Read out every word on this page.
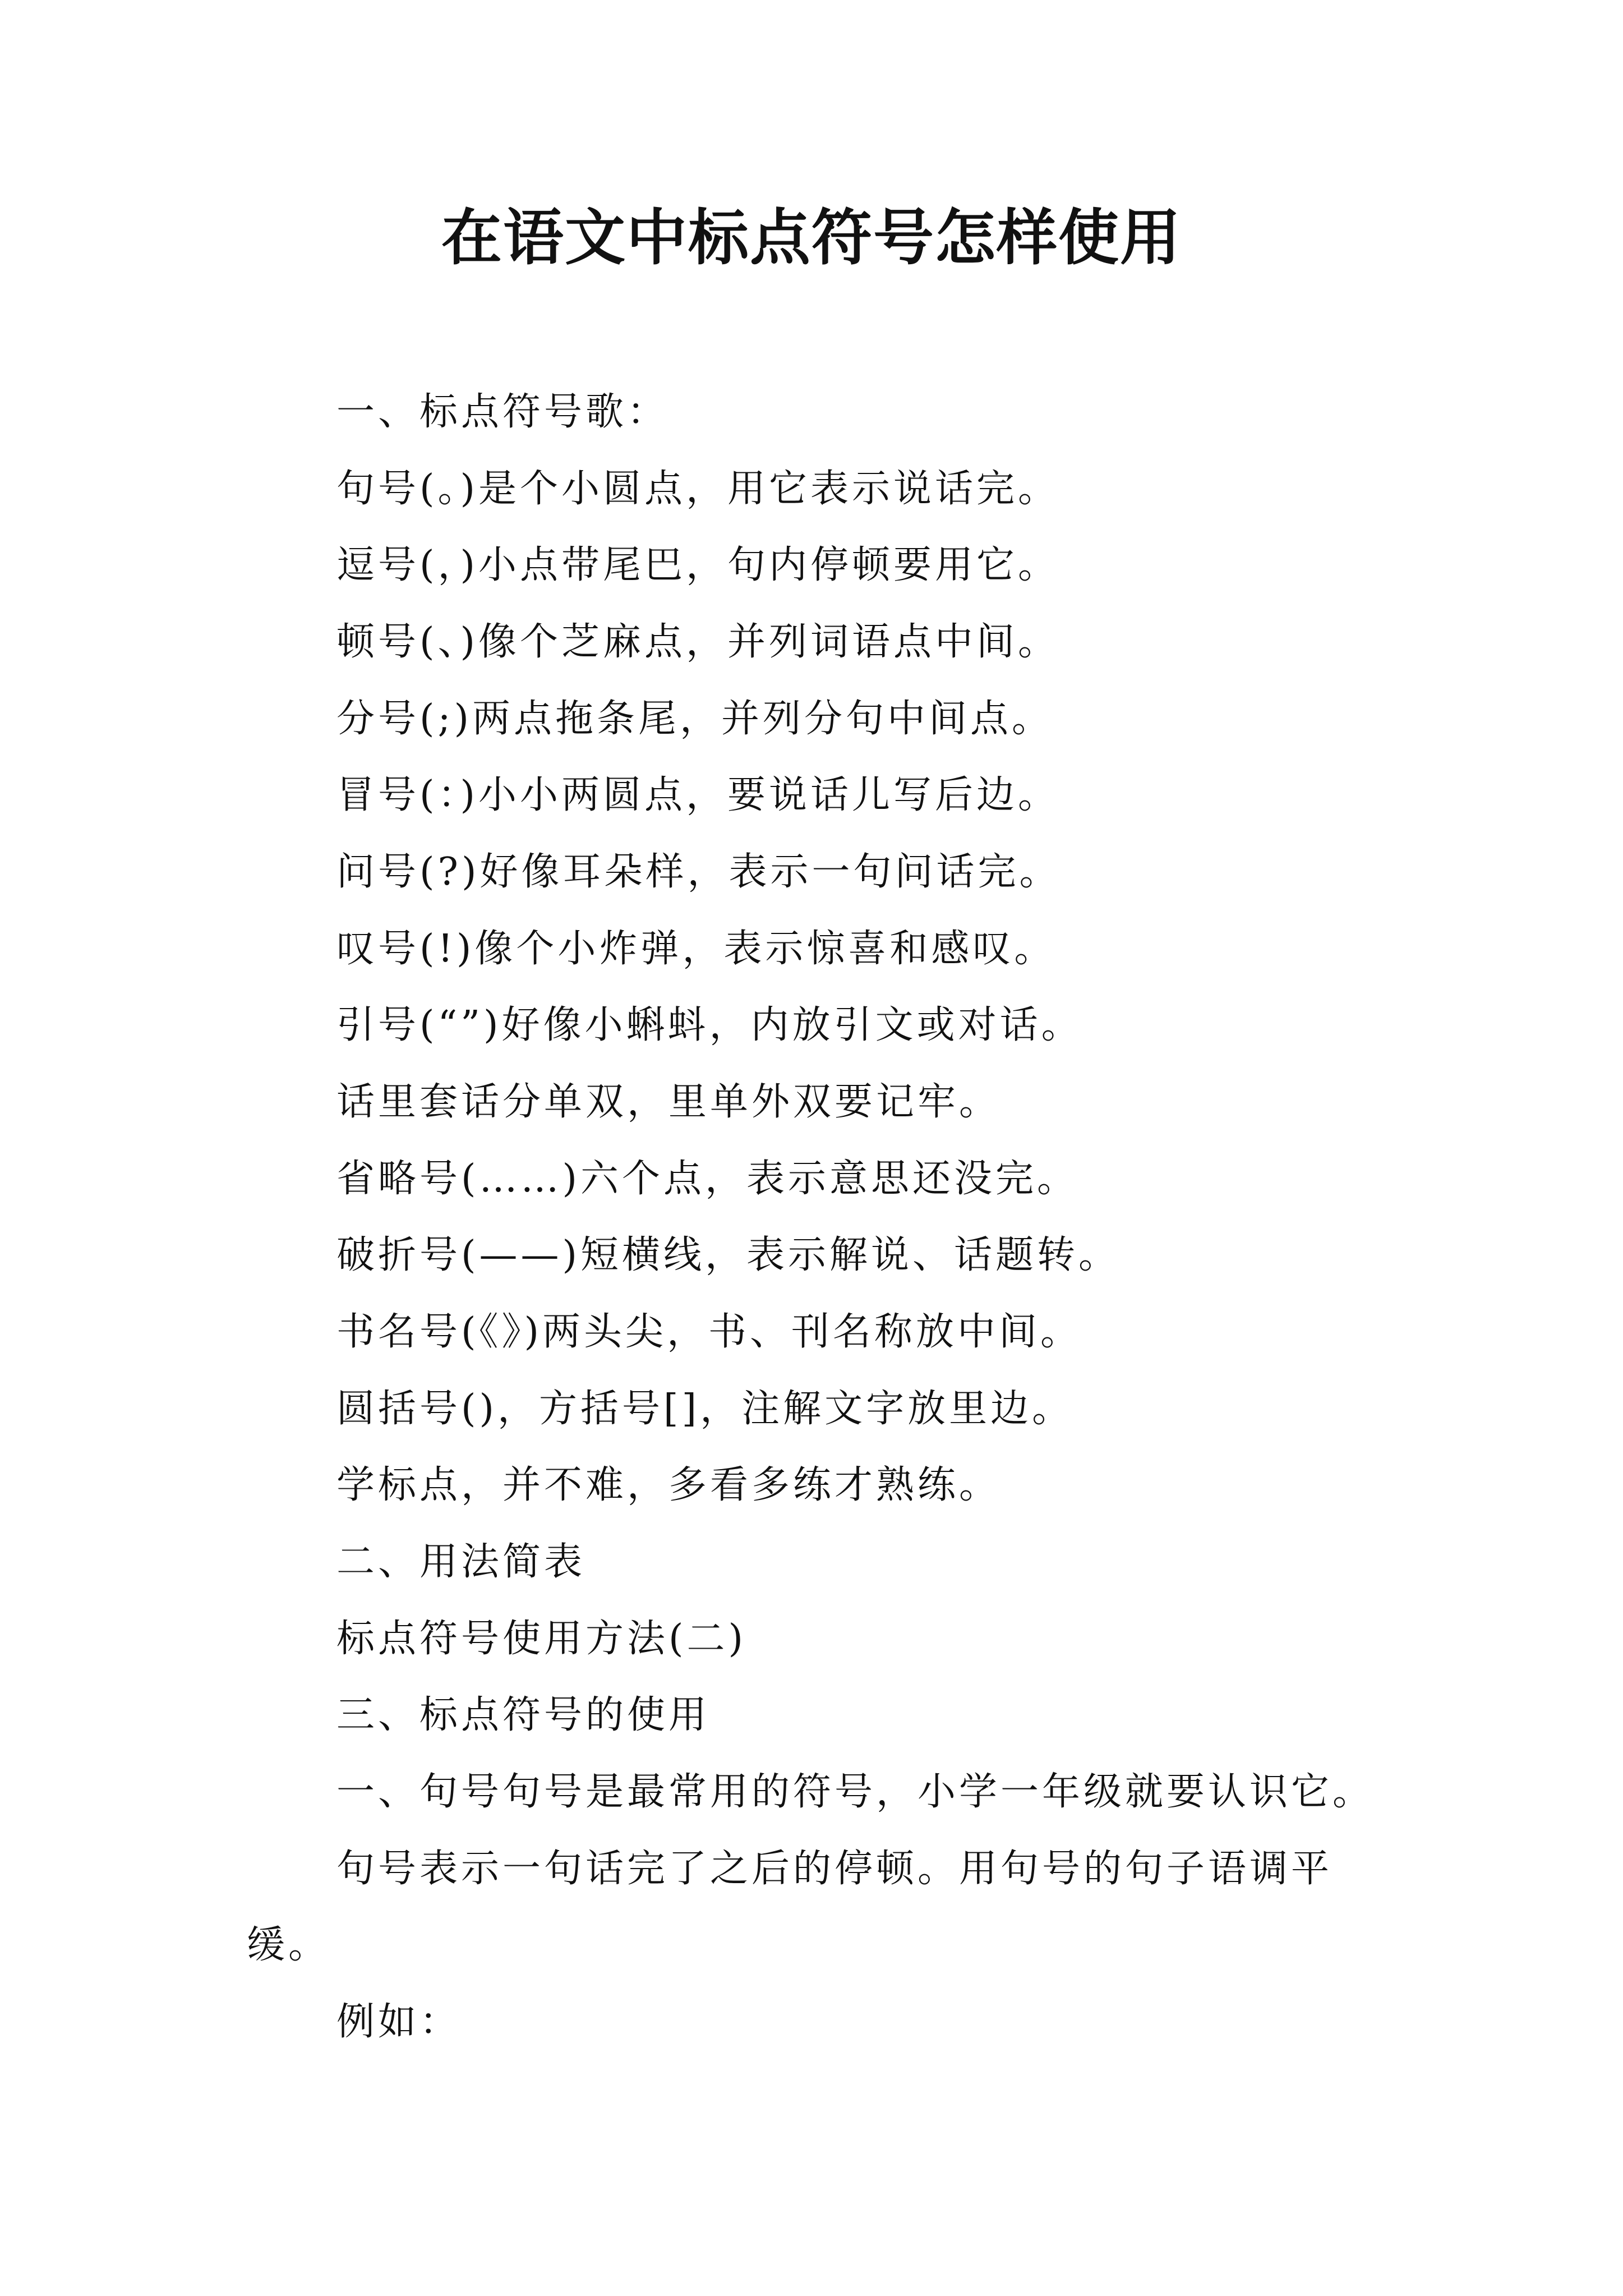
在语文中标点符号怎样使用
一、标点符号歌：
句号(。)是个小圆点，用它表示说话完。
逗号(，)小点带尾巴，句内停顿要用它。
顿号(、)像个芝麻点，并列词语点中间。
分号(;)两点拖条尾，并列分句中间点。
冒号(：)小小两圆点，要说话儿写后边。
问号(?)好像耳朵样，表示一句问话完。
叹号(!)像个小炸弹，表示惊喜和感叹。
引号(“”)好像小蝌蚪，内放引文或对话。
话里套话分单双，里单外双要记牢。
省略号(……)六个点，表示意思还没完。
破折号(——)短横线，表示解说、话题转。
书名号(《》)两头尖，书、刊名称放中间。
圆括号()，方括号[]，注解文字放里边。
学标点，并不难，多看多练才熟练。
二、用法简表
标点符号使用方法(二)
三、标点符号的使用
一、句号句号是最常用的符号，小学一年级就要认识它。
句号表示一句话完了之后的停顿。用句号的句子语调平
缓。
例如：
